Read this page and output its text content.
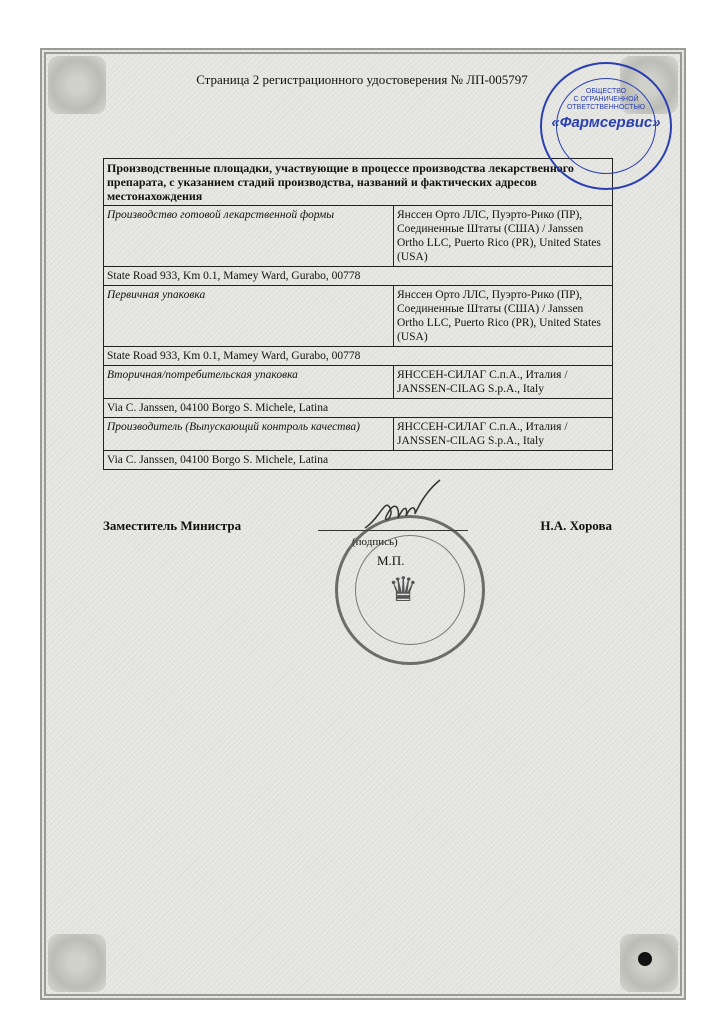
Страница 2 регистрационного удостоверения № ЛП-005797
Производственные площадки, участвующие в процессе производства лекарственного препарата, с указанием стадий производства, названий и фактических адресов местонахождения	
Производство готовой лекарственной формы	Янссен Орто ЛЛС, Пуэрто-Рико (ПР), Соединенные Штаты (США) / Janssen Ortho LLC, Puerto Rico (PR), United States (USA)
State Road 933, Km 0.1, Mamey Ward, Gurabo, 00778	
Первичная упаковка	Янссен Орто ЛЛС, Пуэрто-Рико (ПР), Соединенные Штаты (США) / Janssen Ortho LLC, Puerto Rico (PR), United States (USA)
State Road 933, Km 0.1, Mamey Ward, Gurabo, 00778	
Вторичная/потребительская упаковка	ЯНССЕН-СИЛАГ С.п.А., Италия / JANSSEN-CILAG S.p.A., Italy
Via C. Janssen, 04100 Borgo S. Michele, Latina	
Производитель (Выпускающий контроль качества)	ЯНССЕН-СИЛАГ С.п.А., Италия / JANSSEN-CILAG S.p.A., Italy
Via C. Janssen, 04100 Borgo S. Michele, Latina	
Заместитель Министра	Н.А. Хорова
(подпись)
М.П.
♛
ОБЩЕСТВО
С ОГРАНИЧЕННОЙ
ОТВЕТСТВЕННОСТЬЮ
«Фармсервис»
